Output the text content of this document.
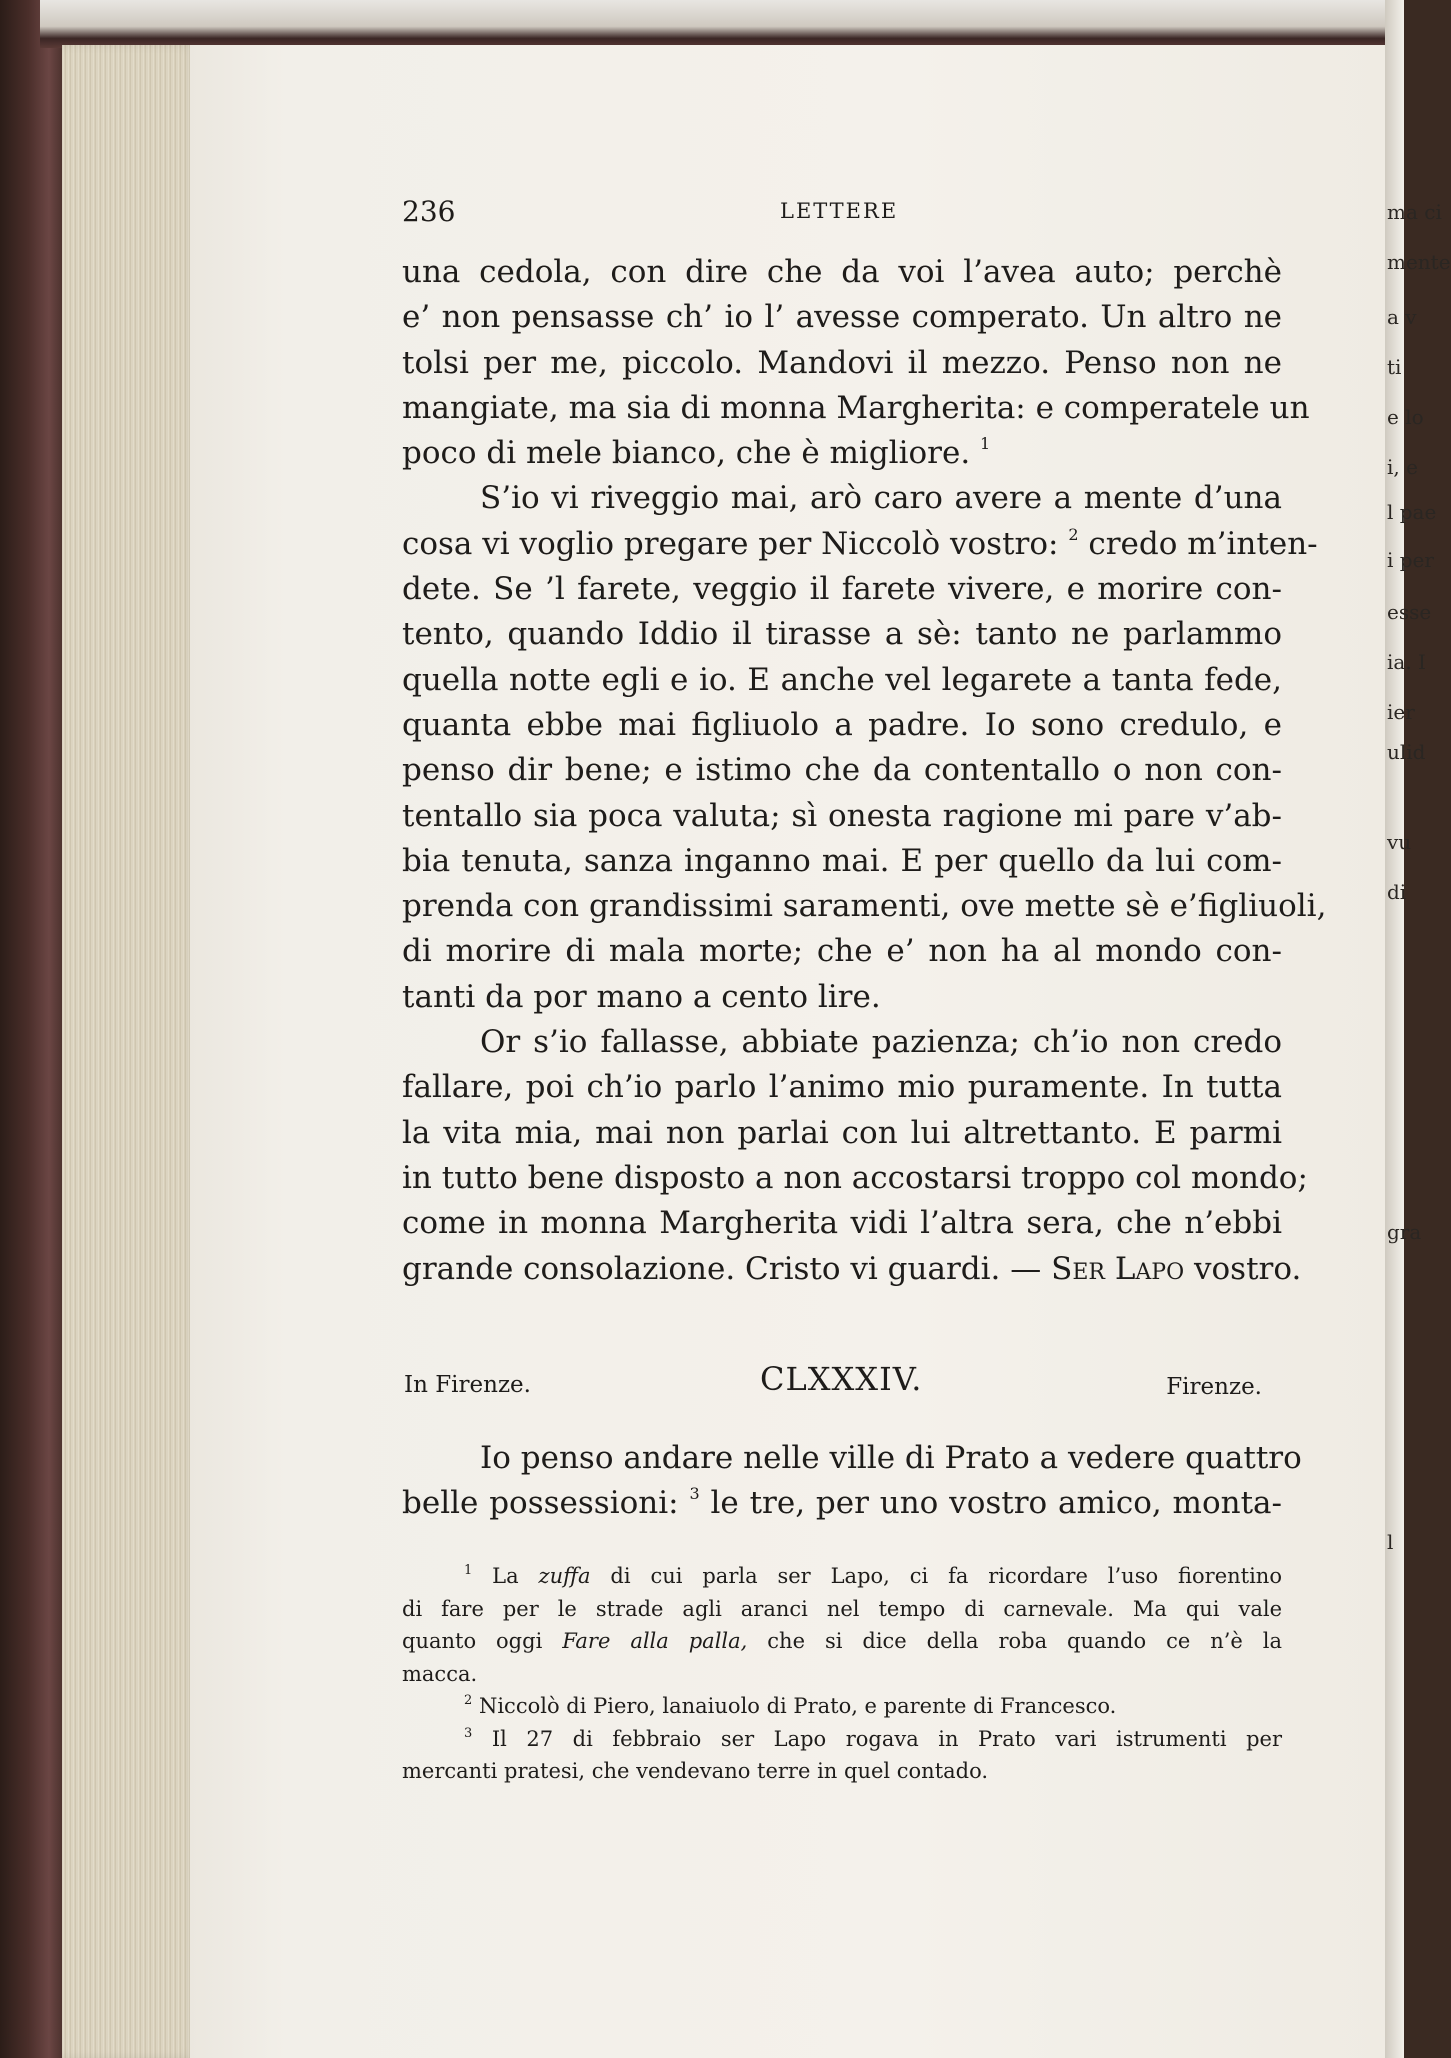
ma ci
mente
a v
ti
e lo
i, e
l pae
i per
esse
ia. I
ier
ulid
vu
di
gra
l
236	LETTERE
una cedola, con dire che da voi l’avea auto; perchè
e’ non pensasse ch’ io l’ avesse comperato. Un altro ne
tolsi per me, piccolo. Mandovi il mezzo. Penso non ne
mangiate, ma sia di monna Margherita: e comperatele un
poco di mele bianco, che è migliore. $^1$
S’io vi riveggio mai, arò caro avere a mente d’una
cosa vi voglio pregare per Niccolò vostro: $^2$ credo m’inten-
dete. Se ’l farete, veggio il farete vivere, e morire con-
tento, quando Iddio il tirasse a sè: tanto ne parlammo
quella notte egli e io. E anche vel legarete a tanta fede,
quanta ebbe mai figliuolo a padre. Io sono credulo, e
penso dir bene; e istimo che da contentallo o non con-
tentallo sia poca valuta; sì onesta ragione mi pare v’ab-
bia tenuta, sanza inganno mai. E per quello da lui com-
prenda con grandissimi saramenti, ove mette sè e’figliuoli,
di morire di mala morte; che e’ non ha al mondo con-
tanti da por mano a cento lire.
Or s’io fallasse, abbiate pazienza; ch’io non credo
fallare, poi ch’io parlo l’animo mio puramente. In tutta
la vita mia, mai non parlai con lui altrettanto. E parmi
in tutto bene disposto a non accostarsi troppo col mondo;
come in monna Margherita vidi l’altra sera, che n’ebbi
grande consolazione. Cristo vi guardi. — Ser Lapo vostro.
In Firenze.	CLXXXIV.	Firenze.
Io penso andare nelle ville di Prato a vedere quattro
belle possessioni: $^3$ le tre, per uno vostro amico, monta-
$^1$ La zuffa di cui parla ser Lapo, ci fa ricordare l’uso fiorentino
di fare per le strade agli aranci nel tempo di carnevale. Ma qui vale
quanto oggi Fare alla palla, che si dice della roba quando ce n’è la
macca.
$^2$ Niccolò di Piero, lanaiuolo di Prato, e parente di Francesco.
$^3$ Il 27 di febbraio ser Lapo rogava in Prato vari istrumenti per
mercanti pratesi, che vendevano terre in quel contado.
